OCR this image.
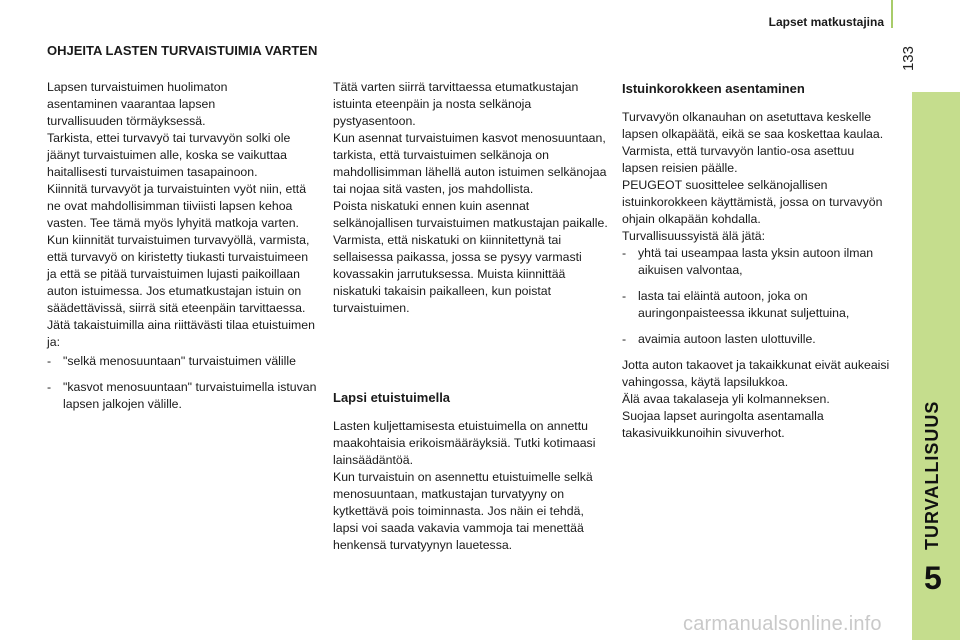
Lapset matkustajina
133
TURVALLISUUS
5
OHJEITA LASTEN TURVAISTUIMIA VARTEN

Lapsen turvaistuimen huolimaton asentaminen vaarantaa lapsen turvallisuuden törmäyksessä.

Tarkista, ettei turvavyö tai turvavyön solki ole jäänyt turvaistuimen alle, koska se vaikuttaa haitallisesti turvaistuimen tasapainoon.

Kiinnitä turvavyöt ja turvaistuinten vyöt niin, että ne ovat mahdollisimman tiiviisti lapsen kehoa vasten. Tee tämä myös lyhyitä matkoja varten.

Kun kiinnität turvaistuimen turvavyöllä, varmista, että turvavyö on kiristetty tiukasti turvaistuimeen ja että se pitää turvaistuimen lujasti paikoillaan auton istuimessa. Jos etumatkustajan istuin on säädettävissä, siirrä sitä eteenpäin tarvittaessa.

Jätä takaistuimilla aina riittävästi tilaa etuistuimen ja:

- "selkä menosuuntaan" turvaistuimen välille
- "kasvot menosuuntaan" turvaistuimella istuvan lapsen jalkojen välille.

Tätä varten siirrä tarvittaessa etumatkustajan istuinta eteenpäin ja nosta selkänoja pystyasentoon.

Kun asennat turvaistuimen kasvot menosuuntaan, tarkista, että turvaistuimen selkänoja on mahdollisimman lähellä auton istuimen selkänojaa tai nojaa sitä vasten, jos mahdollista.

Poista niskatuki ennen kuin asennat selkänojallisen turvaistuimen matkustajan paikalle.

Varmista, että niskatuki on kiinnitettynä tai sellaisessa paikassa, jossa se pysyy varmasti kovassakin jarrutuksessa. Muista kiinnittää niskatuki takaisin paikalleen, kun poistat turvaistuimen.

Lapsi etuistuimella

Lasten kuljettamisesta etuistuimella on annettu maakohtaisia erikoismääräyksiä. Tutki kotimaasi lainsäädäntöä.

Kun turvaistuin on asennettu etuistuimelle selkä menosuuntaan, matkustajan turvatyyny on kytkettävä pois toiminnasta. Jos näin ei tehdä, lapsi voi saada vakavia vammoja tai menettää henkensä turvatyynyn lauetessa.

Istuinkorokkeen asentaminen

Turvavyön olkanauhan on asetuttava keskelle lapsen olkapäätä, eikä se saa koskettaa kaulaa.

Varmista, että turvavyön lantio-osa asettuu lapsen reisien päälle.

PEUGEOT suosittelee selkänojallisen istuinkorokkeen käyttämistä, jossa on turvavyön ohjain olkapään kohdalla.

Turvallisuussyistä älä jätä:

- yhtä tai useampaa lasta yksin autoon ilman aikuisen valvontaa,
- lasta tai eläintä autoon, joka on auringonpaisteessa ikkunat suljettuina,
- avaimia autoon lasten ulottuville.

Jotta auton takaovet ja takaikkunat eivät aukeaisi vahingossa, käytä lapsilukkoa.

Älä avaa takalaseja yli kolmanneksen.

Suojaa lapset auringolta asentamalla takasivuikkunoihin sivuverhot.

carmanualsonline.info
